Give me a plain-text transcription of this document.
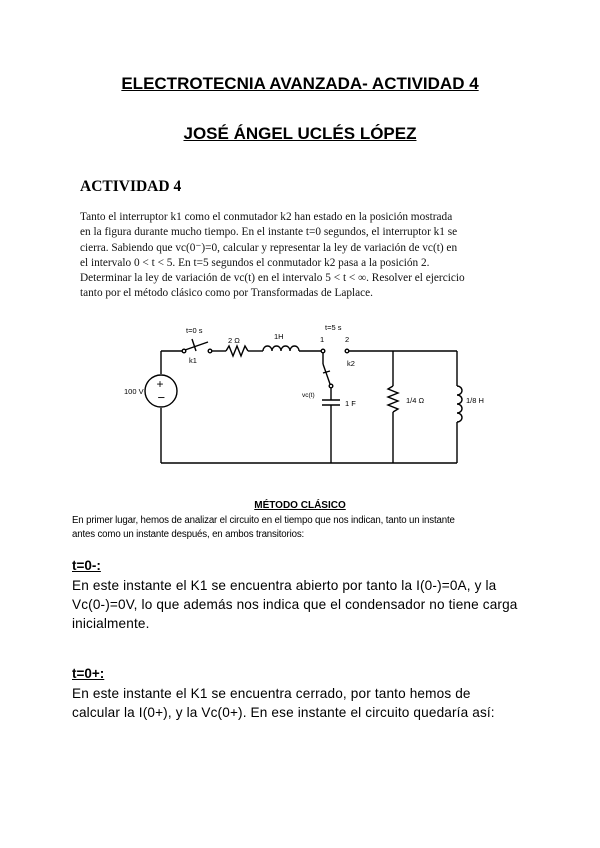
ELECTROTECNIA AVANZADA- ACTIVIDAD 4
JOSÉ ÁNGEL UCLÉS LÓPEZ
ACTIVIDAD 4
Tanto el interruptor k1 como el conmutador k2 han estado en la posición mostrada
en la figura durante mucho tiempo. En el instante t=0 segundos, el interruptor k1 se
cierra. Sabiendo que vc(0⁻)=0, calcular y representar la ley de variación de vc(t) en
el intervalo 0 < t < 5. En t=5 segundos el conmutador k2 pasa a la posición 2.
Determinar la ley de variación de vc(t) en el intervalo 5 < t < ∞. Resolver el ejercicio
tanto por el método clásico como por Transformadas de Laplace.
+
−
t=0 s
k1
2 Ω	1H
t=5 s
1	2
k2
100 V	vc(t)
1 F	1/4 Ω	1/8 H
MÉTODO CLÁSICO
En primer lugar, hemos de analizar el circuito en el tiempo que nos indican, tanto un instante
antes como un instante después, en ambos transitorios:
t=0-:
En este instante el K1 se encuentra abierto por tanto la I(0-)=0A, y la
Vc(0-)=0V, lo que además nos indica que el condensador no tiene carga
inicialmente.
t=0+:
En este instante el K1 se encuentra cerrado, por tanto hemos de
calcular la I(0+), y la Vc(0+). En ese instante el circuito quedaría así:
